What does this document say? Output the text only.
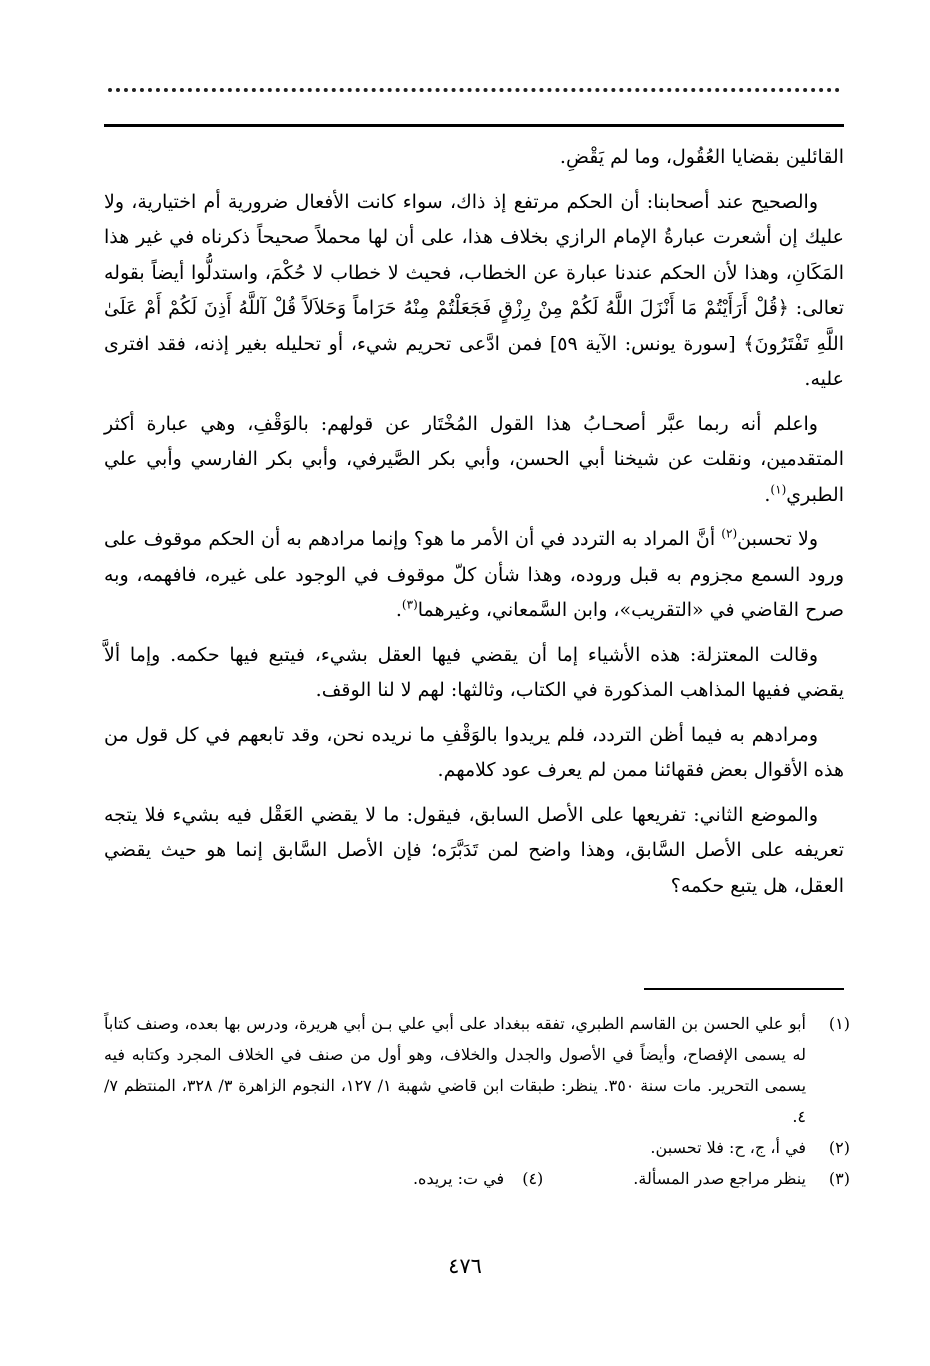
القائلين بقضايا العُقُول، وما لم يَقْضِ.

والصحيح عند أصحابنا: أن الحكم مرتفع إذ ذاك، سواء كانت الأفعال ضرورية أم اختيارية، ولا عليك إن أشعرت عبارةُ الإمام الرازي بخلاف هذا، على أن لها محملاً صحيحاً ذكرناه في غير هذا المَكَانِ، وهذا لأن الحكم عندنا عبارة عن الخطاب، فحيث لا خطاب لا حُكْمَ، واستدلُّوا أيضاً بقوله تعالى: ﴿قُلْ أَرَأَيْتُمْ مَا أَنْزَلَ اللَّهُ لَكُمْ مِنْ رِزْقٍ فَجَعَلْتُمْ مِنْهُ حَرَاماً وَحَلاَلاً قُلْ آللَّهُ أَذِنَ لَكُمْ أَمْ عَلَىٰ اللَّهِ تَفْتَرُونَ﴾ [سورة يونس: الآية ٥٩] فمن ادَّعى تحريم شيء، أو تحليله بغير إذنه، فقد افترى عليه.

واعلم أنه ربما عبَّر أصحـابُ هذا القول المُخْتَار عن قولهم: بالوَقْفِ، وهي عبارة أكثر المتقدمين، ونقلت عن شيخنا أبي الحسن، وأبي بكر الصَّيرفي، وأبي بكر الفارسي وأبي علي الطبري$^{(١)}$.

ولا تحسبن$^{(٢)}$ أنَّ المراد به التردد في أن الأمر ما هو؟ وإنما مرادهم به أن الحكم موقوف على ورود السمع مجزوم به قبل وروده، وهذا شأن كلّ موقوف في الوجود على غيره، فافهمه، وبه صرح القاضي في «التقريب»، وابن السَّمعاني، وغيرهما$^{(٣)}$.

وقالت المعتزلة: هذه الأشياء إما أن يقضي فيها العقل بشيء، فيتبع فيها حكمه. وإما ألاَّ يقضي ففيها المذاهب المذكورة في الكتاب، وثالثها: لهم لا لنا الوقف.

ومرادهم به فيما أظن التردد، فلم يريدوا بالوَقْفِ ما نريده نحن، وقد تابعهم في كل قول من هذه الأقوال بعض فقهائنا ممن لم يعرف عود كلامهم.

والموضع الثاني: تفريعها على الأصل السابق، فيقول: ما لا يقضي العَقْل فيه بشيء فلا يتجه تعريفه على الأصل السَّابق، وهذا واضح لمن تَدَبَّرَه؛ فإن الأصل السَّابق إنما هو حيث يقضي العقل، هل يتبع حكمه؟

(١)
أبو علي الحسن بن القاسم الطبري، تفقه ببغداد على أبي علي بـن أبي هريرة، ودرس بها بعده، وصنف كتاباً له يسمى الإفصاح، وأيضاً في الأصول والجدل والخلاف، وهو أول من صنف في الخلاف المجرد وكتابه فيه يسمى التحرير. مات سنة ٣٥٠. ينظر: طبقات ابن قاضي شهبة ١/ ١٢٧، النجوم الزاهرة ٣/ ٣٢٨، المنتظم ٧/ ٤.
(٢)
في أ، ج، ح: فلا تحسبن.
(٣)
ينظر مراجع صدر المسألة.
(٤)
في ت: يريده.
٤٧٦
